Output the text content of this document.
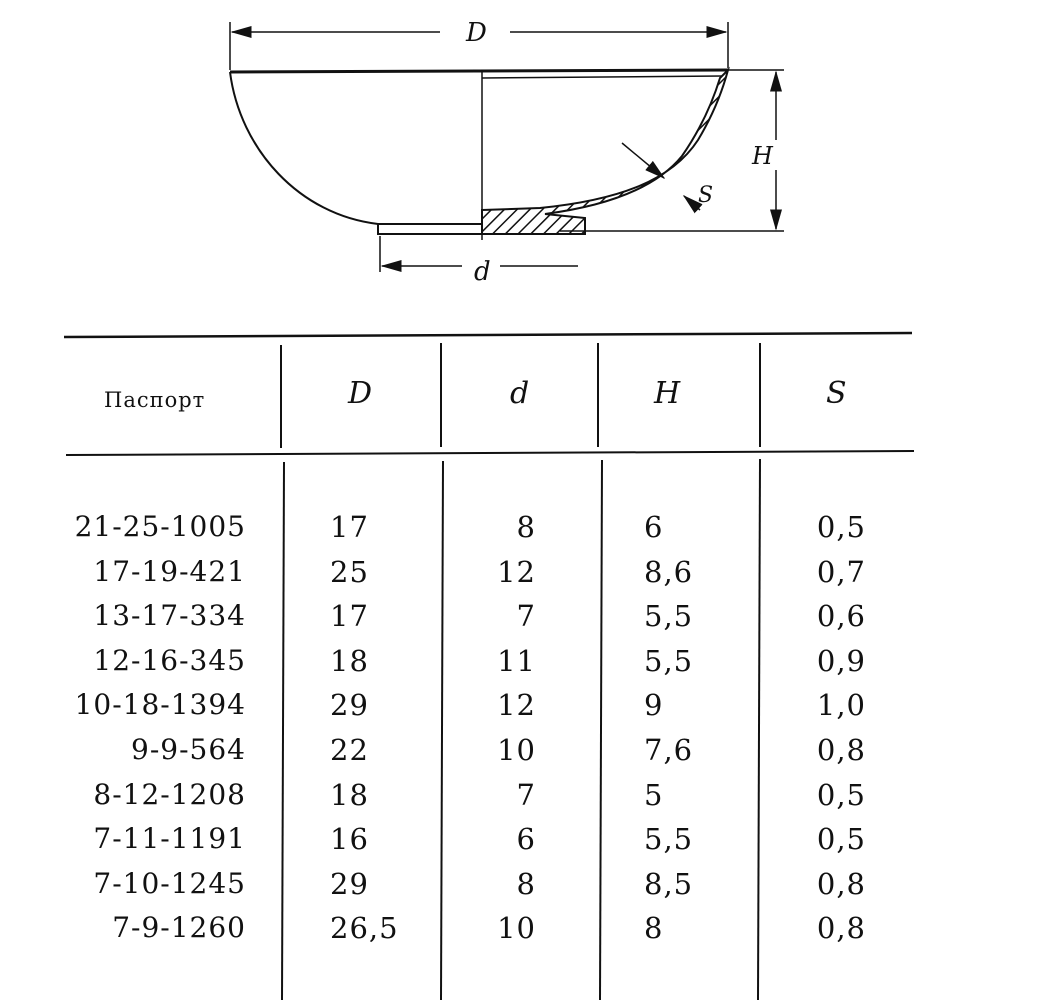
D
H
S
d
Паспорт	D	d	H	S
21-25-1005	17	8	6	0,5
17-19-421	25	12	8,6	0,7
13-17-334	17	7	5,5	0,6
12-16-345	18	11	5,5	0,9
10-18-1394	29	12	9	1,0
9-9-564	22	10	7,6	0,8
8-12-1208	18	7	5	0,5
7-11-1191	16	6	5,5	0,5
7-10-1245	29	8	8,5	0,8
7-9-1260	26,5	10	8	0,8
